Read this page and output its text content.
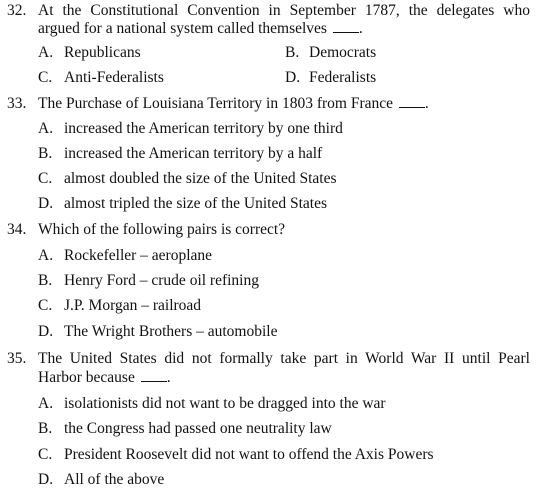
32. At the Constitutional Convention in September 1787, the delegates who
argued for a national system called themselves .
A. Republicans	B. Democrats
C. Anti-Federalists	D. Federalists
33. The Purchase of Louisiana Territory in 1803 from France .
A. increased the American territory by one third
B. increased the American territory by a half
C. almost doubled the size of the United States
D. almost tripled the size of the United States
34. Which of the following pairs is correct?
A. Rockefeller – aeroplane
B. Henry Ford – crude oil refining
C. J.P. Morgan – railroad
D. The Wright Brothers – automobile
35. The United States did not formally take part in World War II until Pearl
Harbor because .
A. isolationists did not want to be dragged into the war
B. the Congress had passed one neutrality law
C. President Roosevelt did not want to offend the Axis Powers
D. All of the above
